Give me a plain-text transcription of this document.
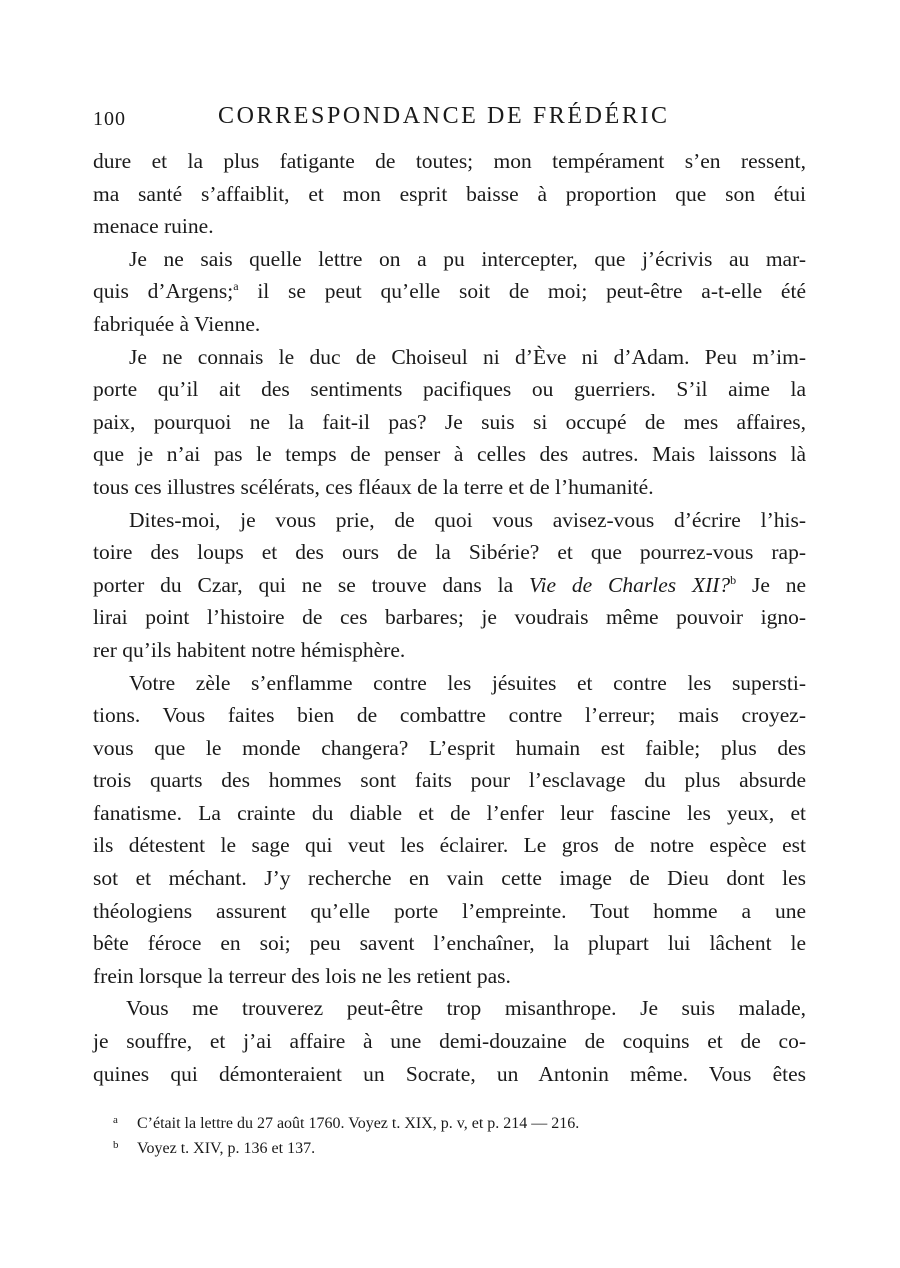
100	CORRESPONDANCE DE FRÉDÉRIC
dure et la plus fatigante de toutes; mon tempérament s’en ressent,
ma santé s’affaiblit, et mon esprit baisse à proportion que son étui
menace ruine.
Je ne sais quelle lettre on a pu intercepter, que j’écrivis au mar-
quis d’Argens;$^a$ il se peut qu’elle soit de moi; peut-être a-t-elle été
fabriquée à Vienne.
Je ne connais le duc de Choiseul ni d’Ève ni d’Adam. Peu m’im-
porte qu’il ait des sentiments pacifiques ou guerriers. S’il aime la
paix, pourquoi ne la fait-il pas? Je suis si occupé de mes affaires,
que je n’ai pas le temps de penser à celles des autres. Mais laissons là
tous ces illustres scélérats, ces fléaux de la terre et de l’humanité.
Dites-moi, je vous prie, de quoi vous avisez-vous d’écrire l’his-
toire des loups et des ours de la Sibérie? et que pourrez-vous rap-
porter du Czar, qui ne se trouve dans la Vie de Charles XII?$^b$ Je ne
lirai point l’histoire de ces barbares; je voudrais même pouvoir igno-
rer qu’ils habitent notre hémisphère.
Votre zèle s’enflamme contre les jésuites et contre les supersti-
tions. Vous faites bien de combattre contre l’erreur; mais croyez-
vous que le monde changera? L’esprit humain est faible; plus des
trois quarts des hommes sont faits pour l’esclavage du plus absurde
fanatisme. La crainte du diable et de l’enfer leur fascine les yeux, et
ils détestent le sage qui veut les éclairer. Le gros de notre espèce est
sot et méchant. J’y recherche en vain cette image de Dieu dont les
théologiens assurent qu’elle porte l’empreinte. Tout homme a une
bête féroce en soi; peu savent l’enchaîner, la plupart lui lâchent le
frein lorsque la terreur des lois ne les retient pas.
Vous me trouverez peut-être trop misanthrope. Je suis malade,
je souffre, et j’ai affaire à une demi-douzaine de coquins et de co-
quines qui démonteraient un Socrate, un Antonin même. Vous êtes
a C’était la lettre du 27 août 1760. Voyez t. XIX, p. v, et p. 214 — 216.
b Voyez t. XIV, p. 136 et 137.
